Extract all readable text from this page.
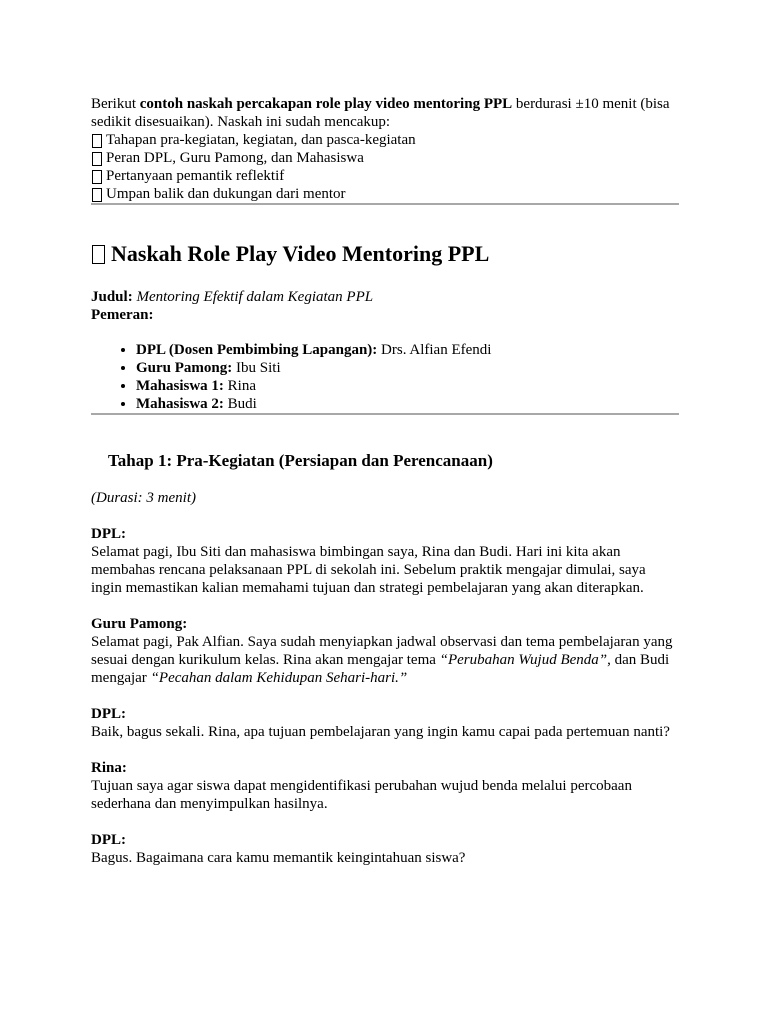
Berikut contoh naskah percakapan role play video mentoring PPL berdurasi ±10 menit (bisa sedikit disesuaikan). Naskah ini sudah mencakup:

Tahapan pra-kegiatan, kegiatan, dan pasca-kegiatan
Peran DPL, Guru Pamong, dan Mahasiswa
Pertanyaan pemantik reflektif
Umpan balik dan dukungan dari mentor
Naskah Role Play Video Mentoring PPL

Judul: Mentoring Efektif dalam Kegiatan PPL

Pemeran:

• DPL (Dosen Pembimbing Lapangan): Drs. Alfian Efendi
• Guru Pamong: Ibu Siti
• Mahasiswa 1: Rina
• Mahasiswa 2: Budi
Tahap 1: Pra-Kegiatan (Persiapan dan Perencanaan)

(Durasi: 3 menit)

DPL:

Selamat pagi, Ibu Siti dan mahasiswa bimbingan saya, Rina dan Budi. Hari ini kita akan membahas rencana pelaksanaan PPL di sekolah ini. Sebelum praktik mengajar dimulai, saya ingin memastikan kalian memahami tujuan dan strategi pembelajaran yang akan diterapkan.

Guru Pamong:

Selamat pagi, Pak Alfian. Saya sudah menyiapkan jadwal observasi dan tema pembelajaran yang sesuai dengan kurikulum kelas. Rina akan mengajar tema “Perubahan Wujud Benda”, dan Budi mengajar “Pecahan dalam Kehidupan Sehari-hari.”

DPL:

Baik, bagus sekali. Rina, apa tujuan pembelajaran yang ingin kamu capai pada pertemuan nanti?

Rina:

Tujuan saya agar siswa dapat mengidentifikasi perubahan wujud benda melalui percobaan sederhana dan menyimpulkan hasilnya.

DPL:

Bagus. Bagaimana cara kamu memantik keingintahuan siswa?
